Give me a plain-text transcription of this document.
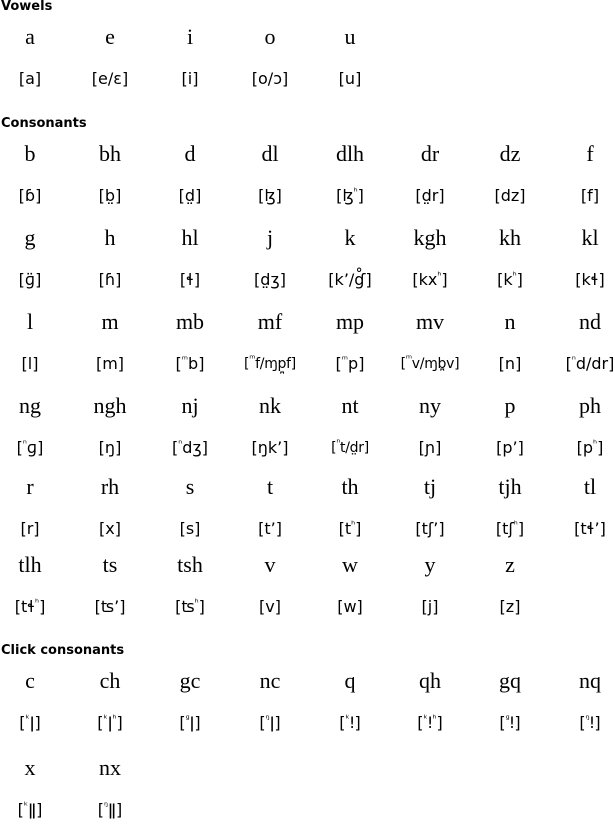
Vowels
a	e	i	o	u
[a]	[e/ɛ]	[i]	[o/ɔ]	[u]
Consonants
b	bh	d	dl	dlh	dr	dz	f
[ɓ]	[b]	[d]	[ɮ]	[ɮ$^ʰ$]	[dr]	[dz]	[f]
g	h	hl	j	k	kgh	kh	kl
[ɡ]	[ɦ]	[ɬ]	[dʒ]	[k’/ɠ]	$[kx^ʰ]$	$[k^ʰ]$	[kɬ]
l	m	mb	mf	mp	mv	n	nd
[l]	[m]	[$^ᵐ$b]	[$^ᵐ$f/ɱpf]	[$^ᵐ$p]	[$^ᵐ$v/ɱbv]	[n]	[$^{^n}$d/dr]
ng	ngh	nj	nk	nt	ny	p	ph
[$^{^n}$ɡ]	[ŋ]	[$^{^n}$dʒ]	[ŋk’]	[$^{^n}$t/dr]	[ɲ]	[p’]	$[p^ʰ]$
r	rh	s	t	th	tj	tjh	tl
[r]	[x]	[s]	[t’]	$[t^ʰ]$	[tʃ’]	[tʃ$^ʰ$]	[tɬ’]
tlh	ts	tsh	v	w	y	z
[tɬ$^ʰ$]	[ʦ’]	[ʦ$^ʰ$]	[v]	[w]	[j]	[z]
Click consonants
c	ch	gc	nc	q	qh	gq	nq
[$^ᵏ$ǀ]	$[^ᵏǀ^ʰ]$	[$^ᶢ$ǀ]	[$^ᵑ$ǀ]	[$^ᵏ$ǃ]	$[^ᵏǃ^ʰ]$	[$^ᶢ$ǃ]	[$^ᵑ$ǃ]
x	nx
[$^ᵏ$ǁ]	[$^ᵑ$ǁ]
